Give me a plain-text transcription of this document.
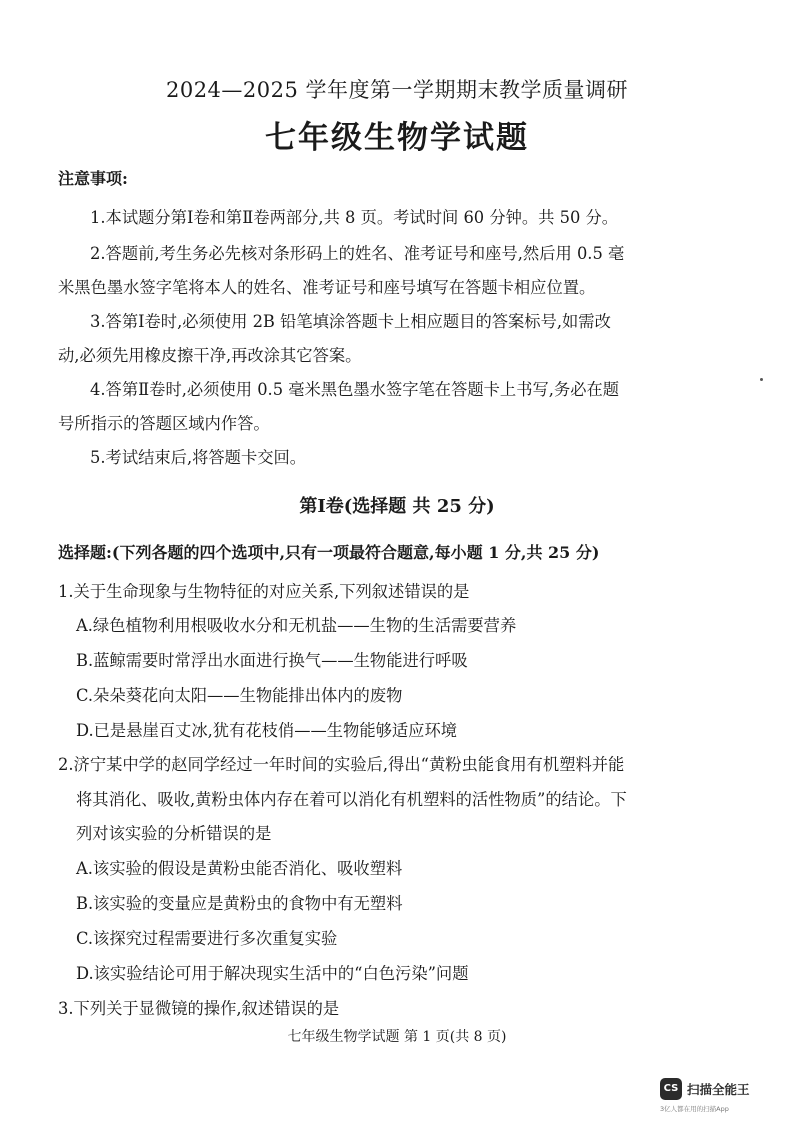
2024—2025 学年度第一学期期末教学质量调研
七年级生物学试题
注意事项:
1.本试题分第Ⅰ卷和第Ⅱ卷两部分,共 8 页。考试时间 60 分钟。共 50 分。
2.答题前,考生务必先核对条形码上的姓名、准考证号和座号,然后用 0.5 毫
米黑色墨水签字笔将本人的姓名、准考证号和座号填写在答题卡相应位置。
3.答第Ⅰ卷时,必须使用 2B 铅笔填涂答题卡上相应题目的答案标号,如需改
动,必须先用橡皮擦干净,再改涂其它答案。
4.答第Ⅱ卷时,必须使用 0.5 毫米黑色墨水签字笔在答题卡上书写,务必在题
号所指示的答题区域内作答。
5.考试结束后,将答题卡交回。
第Ⅰ卷(选择题 共 25 分)
选择题:(下列各题的四个选项中,只有一项最符合题意,每小题 1 分,共 25 分)
1.关于生命现象与生物特征的对应关系,下列叙述错误的是
A.绿色植物利用根吸收水分和无机盐——生物的生活需要营养
B.蓝鲸需要时常浮出水面进行换气——生物能进行呼吸
C.朵朵葵花向太阳——生物能排出体内的废物
D.已是悬崖百丈冰,犹有花枝俏——生物能够适应环境
2.济宁某中学的赵同学经过一年时间的实验后,得出“黄粉虫能食用有机塑料并能
将其消化、吸收,黄粉虫体内存在着可以消化有机塑料的活性物质”的结论。下
列对该实验的分析错误的是
A.该实验的假设是黄粉虫能否消化、吸收塑料
B.该实验的变量应是黄粉虫的食物中有无塑料
C.该探究过程需要进行多次重复实验
D.该实验结论可用于解决现实生活中的“白色污染”问题
3.下列关于显微镜的操作,叙述错误的是
七年级生物学试题 第 1 页(共 8 页)
CS 扫描全能王
3亿人都在用的扫描App
